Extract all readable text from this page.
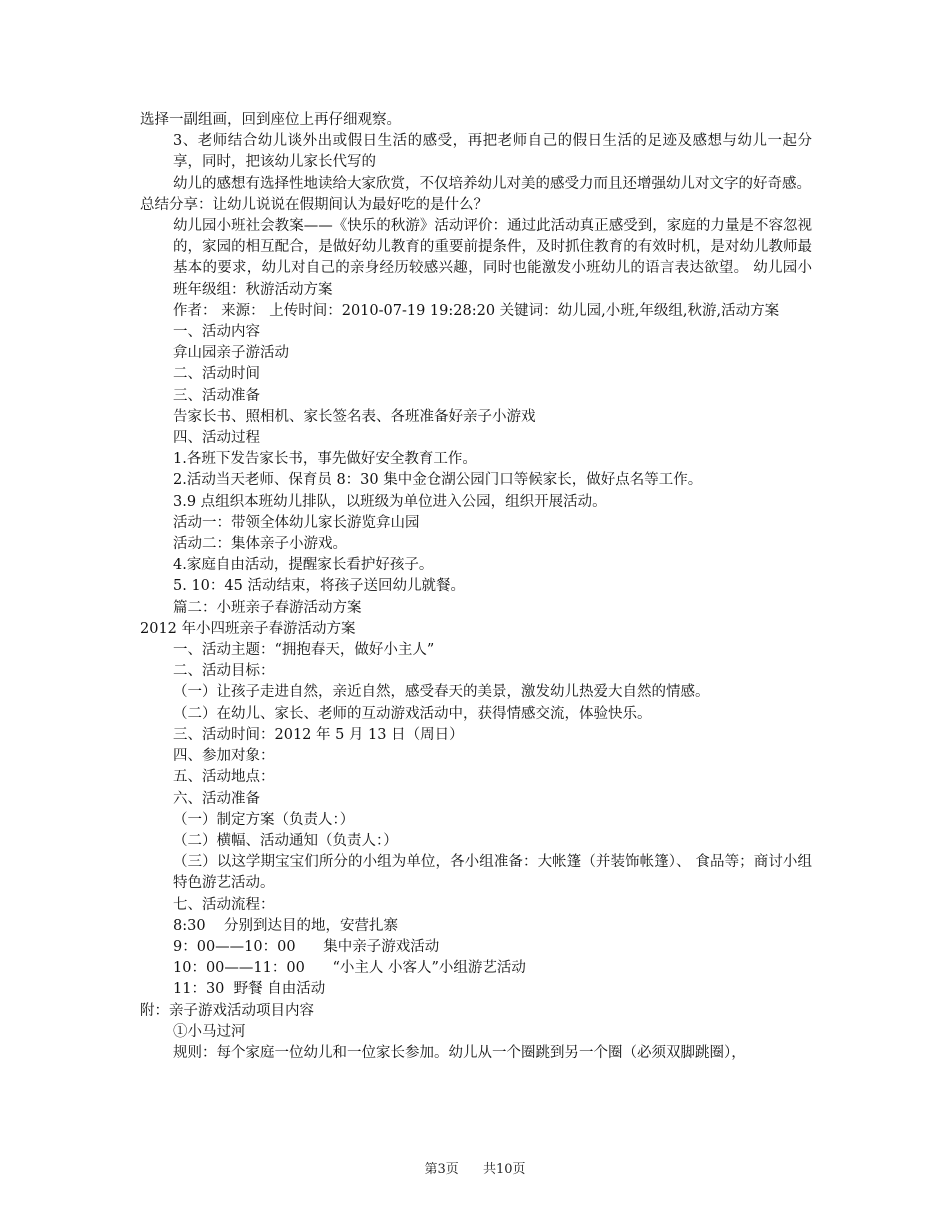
选择一副组画，回到座位上再仔细观察。
3、老师结合幼儿谈外出或假日生活的感受，再把老师自己的假日生活的足迹及感想与幼儿一起分享，同时，把该幼儿家长代写的
幼儿的感想有选择性地读给大家欣赏，不仅培养幼儿对美的感受力而且还增强幼儿对文字的好奇感。
总结分享：让幼儿说说在假期间认为最好吃的是什么？
幼儿园小班社会教案——《快乐的秋游》活动评价：通过此活动真正感受到，家庭的力量是不容忽视的，家园的相互配合，是做好幼儿教育的重要前提条件，及时抓住教育的有效时机，是对幼儿教师最基本的要求，幼儿对自己的亲身经历较感兴趣，同时也能激发小班幼儿的语言表达欲望。 幼儿园小班年级组：秋游活动方案
作者： 来源： 上传时间：2010-07-19 19:28:20 关键词：幼儿园,小班,年级组,秋游,活动方案
一、活动内容
弇山园亲子游活动
二、活动时间
三、活动准备
告家长书、照相机、家长签名表、各班准备好亲子小游戏
四、活动过程
1.各班下发告家长书，事先做好安全教育工作。
2.活动当天老师、保育员 8：30 集中金仓湖公园门口等候家长，做好点名等工作。
3.9 点组织本班幼儿排队，以班级为单位进入公园，组织开展活动。
活动一：带领全体幼儿家长游览弇山园
活动二：集体亲子小游戏。
4.家庭自由活动，提醒家长看护好孩子。
5. 10：45 活动结束，将孩子送回幼儿就餐。
篇二：小班亲子春游活动方案
2012 年小四班亲子春游活动方案
一、活动主题：“拥抱春天，做好小主人”
二、活动目标：
（一）让孩子走进自然，亲近自然，感受春天的美景，激发幼儿热爱大自然的情感。
（二）在幼儿、家长、老师的互动游戏活动中，获得情感交流，体验快乐。
三、活动时间：2012 年 5 月 13 日（周日）
四、参加对象：
五、活动地点：
六、活动准备
（一）制定方案（负责人：）
（二）横幅、活动通知（负责人：）
（三）以这学期宝宝们所分的小组为单位，各小组准备：大帐篷（并装饰帐篷）、 食品等；商讨小组特色游艺活动。
七、活动流程：
8:30    分别到达目的地，安营扎寨
9：00——10：00      集中亲子游戏活动
10：00——11：00      “小主人 小客人”小组游艺活动
11：30  野餐 自由活动
附：亲子游戏活动项目内容
①小马过河
规则：每个家庭一位幼儿和一位家长参加。幼儿从一个圈跳到另一个圈（必须双脚跳圈），
第3页 共10页
